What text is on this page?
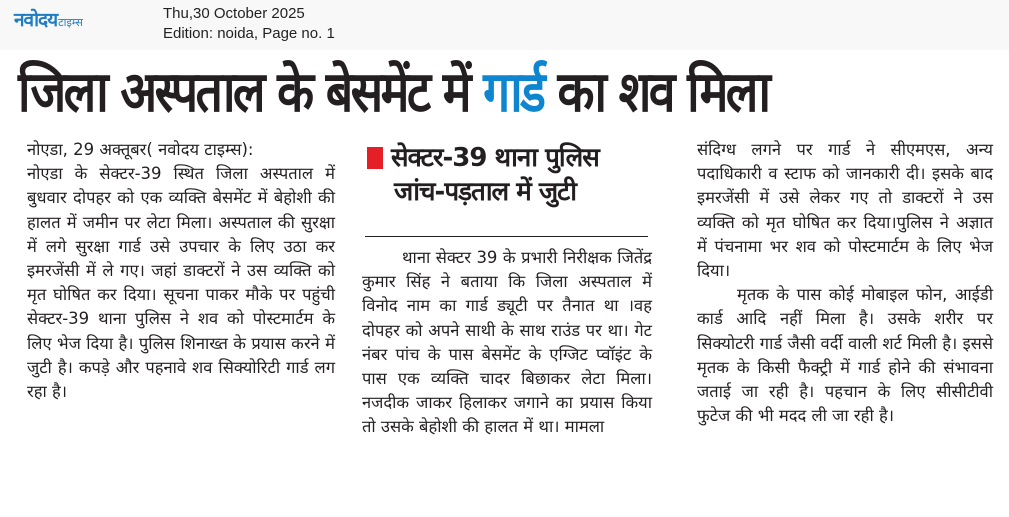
नवोदय टाइम्स
Thu,30 October 2025
Edition: noida, Page no. 1
जिला अस्पताल के बेसमेंट में गार्ड का शव मिला

नोएडा, 29 अक्तूबर( नवोदय टाइम्स):

नोएडा के सेक्टर-39 स्थित जिला अस्पताल में बुधवार दोपहर को एक व्यक्ति बेसमेंट में बेहोशी की हालत में जमीन पर लेटा मिला। अस्पताल की सुरक्षा में लगे सुरक्षा गार्ड उसे उपचार के लिए उठा कर इमरजेंसी में ले गए। जहां डाक्टरों ने उस व्यक्ति को मृत घोषित कर दिया। सूचना पाकर मौके पर पहुंची सेक्टर-39 थाना पुलिस ने शव को पोस्टमार्टम के लिए भेज दिया है। पुलिस शिनाख्त के प्रयास करने में जुटी है। कपड़े और पहनावे शव सिक्योरिटी गार्ड लग रहा है।

सेक्टर-39 थाना पुलिस
जांच-पड़ताल में जुटी

थाना सेक्टर 39 के प्रभारी निरीक्षक जितेंद्र कुमार सिंह ने बताया कि जिला अस्पताल में विनोद नाम का गार्ड ड्यूटी पर तैनात था ।वह दोपहर को अपने साथी के साथ राउंड पर था। गेट नंबर पांच के पास बेसमेंट के एग्जिट प्वॉइंट के पास एक व्यक्ति चादर बिछाकर लेटा मिला।नजदीक जाकर हिलाकर जगाने का प्रयास किया तो उसके बेहोशी की हालत में था। मामला

संदिग्ध लगने पर गार्ड ने सीएमएस, अन्य पदाधिकारी व स्टाफ को जानकारी दी। इसके बाद इमरजेंसी में उसे लेकर गए तो डाक्टरों ने उस व्यक्ति को मृत घोषित कर दिया।पुलिस ने अज्ञात में पंचनामा भर शव को पोस्टमार्टम के लिए भेज दिया।

मृतक के पास कोई मोबाइल फोन, आईडी कार्ड आदि नहीं मिला है। उसके शरीर पर सिक्योटरी गार्ड जैसी वर्दी वाली शर्ट मिली है। इससे मृतक के किसी फैक्ट्री में गार्ड होने की संभावना जताई जा रही है। पहचान के लिए सीसीटीवी फुटेज की भी मदद ली जा रही है।
